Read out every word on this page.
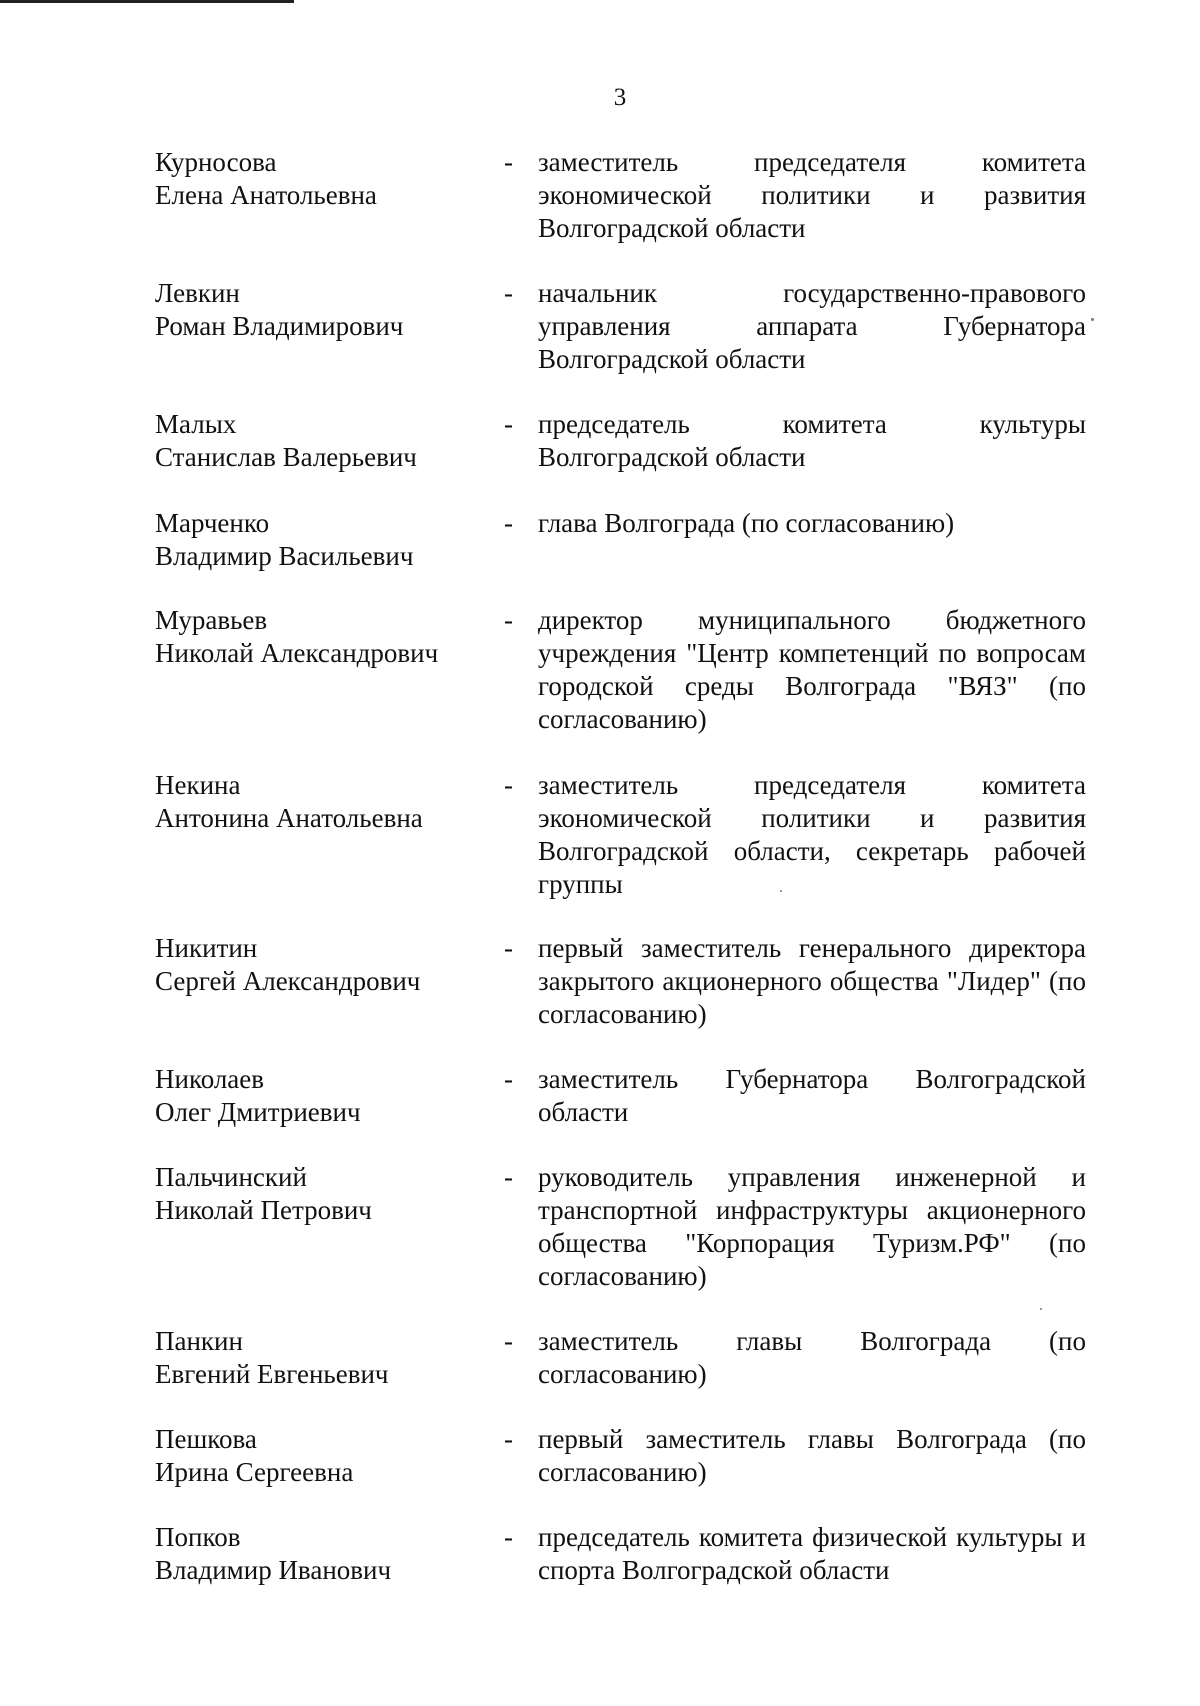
3
Курносова
Елена Анатольевна
- заместитель председателя комитета экономической политики и развития Волгоградской области
Левкин
Роман Владимирович
- начальник государственно-правового управления аппарата Губернатора Волгоградской области
Малых
Станислав Валерьевич
- председатель комитета культуры Волгоградской области
Марченко
Владимир Васильевич
- глава Волгограда (по согласованию)
Муравьев
Николай Александрович
- директор муниципального бюджетного учреждения "Центр компетенций по вопросам городской среды Волгограда "ВЯЗ" (по согласованию)
Некина
Антонина Анатольевна
- заместитель председателя комитета экономической политики и развития Волгоградской области, секретарь рабочей группы
Никитин
Сергей Александрович
- первый заместитель генерального директора закрытого акционерного общества "Лидер" (по согласованию)
Николаев
Олег Дмитриевич
- заместитель Губернатора Волгоградской области
Пальчинский
Николай Петрович
- руководитель управления инженерной и транспортной инфраструктуры акционерного общества "Корпорация Туризм.РФ" (по согласованию)
Панкин
Евгений Евгеньевич
- заместитель главы Волгограда (по согласованию)
Пешкова
Ирина Сергеевна
- первый заместитель главы Волгограда (по согласованию)
Попков
Владимир Иванович
- председатель комитета физической культуры и спорта Волгоградской области
